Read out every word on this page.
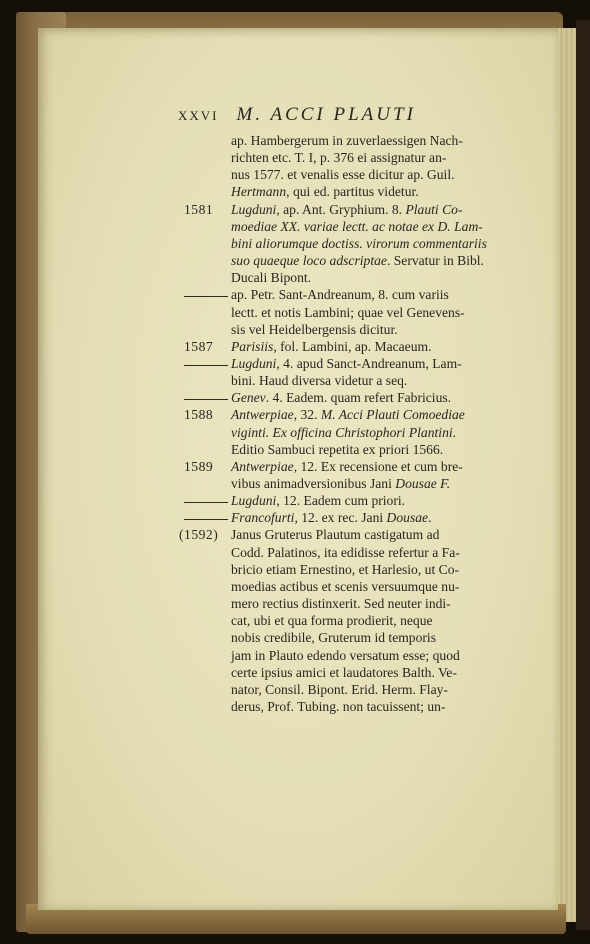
XXVI M. ACCI PLAUTI
ap. Hambergerum in zuverlaessigen Nach-
richten etc. T. I, p. 376 ei assignatur an-
nus 1577. et venalis esse dicitur ap. Guil.
Hertmann, qui ed. partitus videtur.
1581 Lugduni, ap. Ant. Gryphium. 8. Plauti Co-
moediae XX. variae lectt. ac notae ex D. Lam-
bini aliorumque doctiss. virorum commentariis
suo quaeque loco adscriptae. Servatur in Bibl.
Ducali Bipont.
ap. Petr. Sant-Andreanum, 8. cum variis
lectt. et notis Lambini; quae vel Genevens-
sis vel Heidelbergensis dicitur.
1587 Parisiis, fol. Lambini, ap. Macaeum.
Lugduni, 4. apud Sanct-Andreanum, Lam-
bini. Haud diversa videtur a seq.
Genev. 4. Eadem. quam refert Fabricius.
1588 Antwerpiae, 32. M. Acci Plauti Comoediae
viginti. Ex officina Christophori Plantini.
Editio Sambuci repetita ex priori 1566.
1589 Antwerpiae, 12. Ex recensione et cum bre-
vibus animadversionibus Jani Dousae F.
Lugduni, 12. Eadem cum priori.
Francofurti, 12. ex rec. Jani Dousae.
(1592) Janus Gruterus Plautum castigatum ad
Codd. Palatinos, ita edidisse refertur a Fa-
bricio etiam Ernestino, et Harlesio, ut Co-
moedias actibus et scenis versuumque nu-
mero rectius distinxerit. Sed neuter indi-
cat, ubi et qua forma prodierit, neque
nobis credibile, Gruterum id temporis
jam in Plauto edendo versatum esse; quod
certe ipsius amici et laudatores Balth. Ve-
nator, Consil. Bipont. Erid. Herm. Flay-
derus, Prof. Tubing. non tacuissent; un-
